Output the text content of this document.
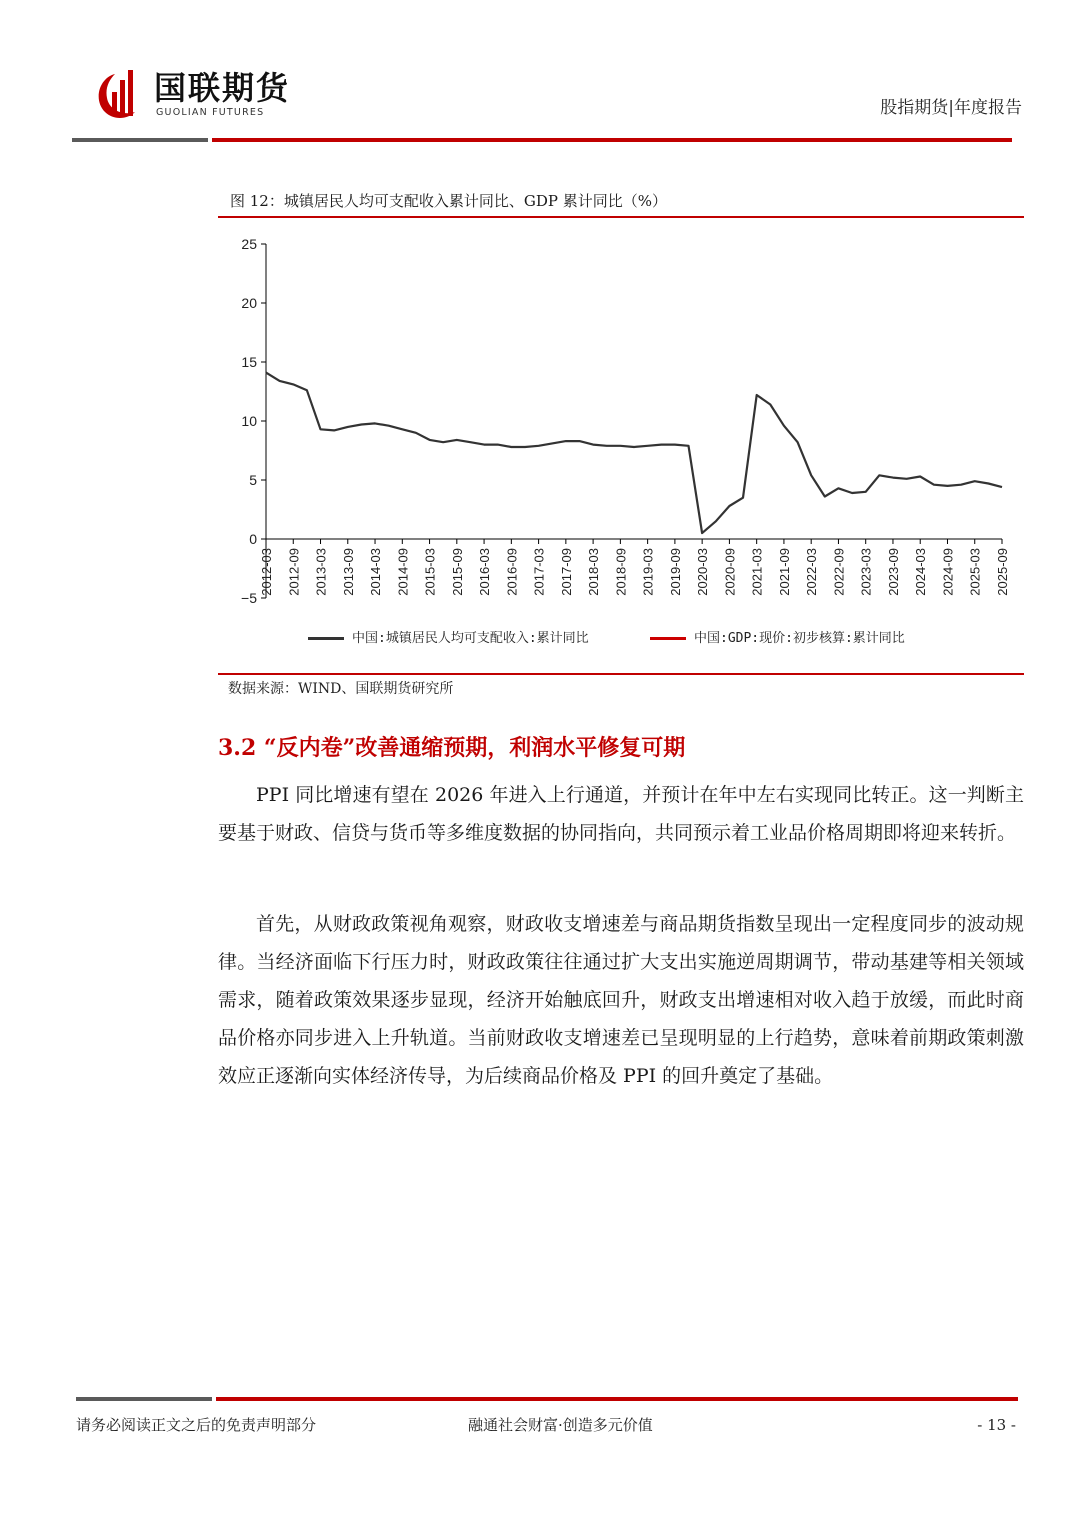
国联期货
GUOLIAN FUTURES	股指期货|年度报告
图 12：城镇居民人均可支配收入累计同比、GDP 累计同比（%）
−5
0
5
10
15
20
25
2012-03 2012-09 2013-03 2013-09 2014-03 2014-09 2015-03 2015-09 2016-03 2016-09 2017-03 2017-09 2018-03 2018-09 2019-03 2019-09 2020-03 2020-09 2021-03 2021-09 2022-03 2022-09 2023-03 2023-09 2024-03 2024-09 2025-03 2025-09
中国:城镇居民人均可支配收入:累计同比	中国:GDP:现价:初步核算:累计同比
数据来源：WIND、国联期货研究所
3.2 “反内卷”改善通缩预期，利润水平修复可期
PPI 同比增速有望在 2026 年进入上行通道，并预计在年中左右实现同比转正。这一判断主要基于财政、信贷与货币等多维度数据的协同指向，共同预示着工业品价格周期即将迎来转折。
首先，从财政政策视角观察，财政收支增速差与商品期货指数呈现出一定程度同步的波动规律。当经济面临下行压力时，财政政策往往通过扩大支出实施逆周期调节，带动基建等相关领域需求，随着政策效果逐步显现，经济开始触底回升，财政支出增速相对收入趋于放缓，而此时商品价格亦同步进入上升轨道。当前财政收支增速差已呈现明显的上行趋势，意味着前期政策刺激效应正逐渐向实体经济传导，为后续商品价格及 PPI 的回升奠定了基础。
请务必阅读正文之后的免责声明部分	融通社会财富·创造多元价值	- 13 -
